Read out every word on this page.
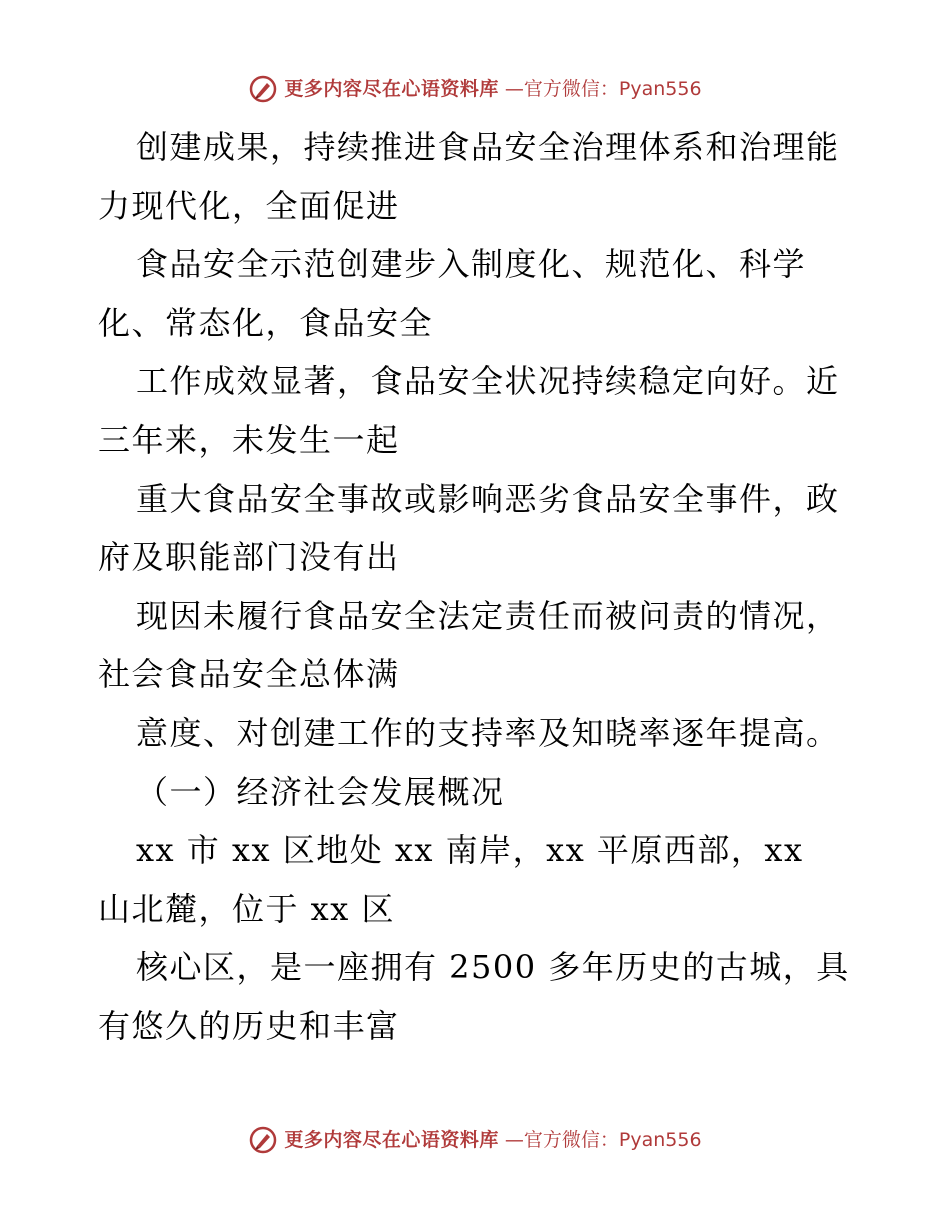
更多内容尽在心语资料库 —官方微信：Pyan556
创建成果，持续推进食品安全治理体系和治理能
力现代化，全面促进
食品安全示范创建步入制度化、规范化、科学
化、常态化，食品安全
工作成效显著，食品安全状况持续稳定向好。近
三年来，未发生一起
重大食品安全事故或影响恶劣食品安全事件，政
府及职能部门没有出
现因未履行食品安全法定责任而被问责的情况，
社会食品安全总体满
意度、对创建工作的支持率及知晓率逐年提高。
（一）经济社会发展概况
xx 市 xx 区地处 xx 南岸，xx 平原西部，xx
山北麓，位于 xx 区
核心区，是一座拥有 2500 多年历史的古城，具
有悠久的历史和丰富
更多内容尽在心语资料库 —官方微信：Pyan556
